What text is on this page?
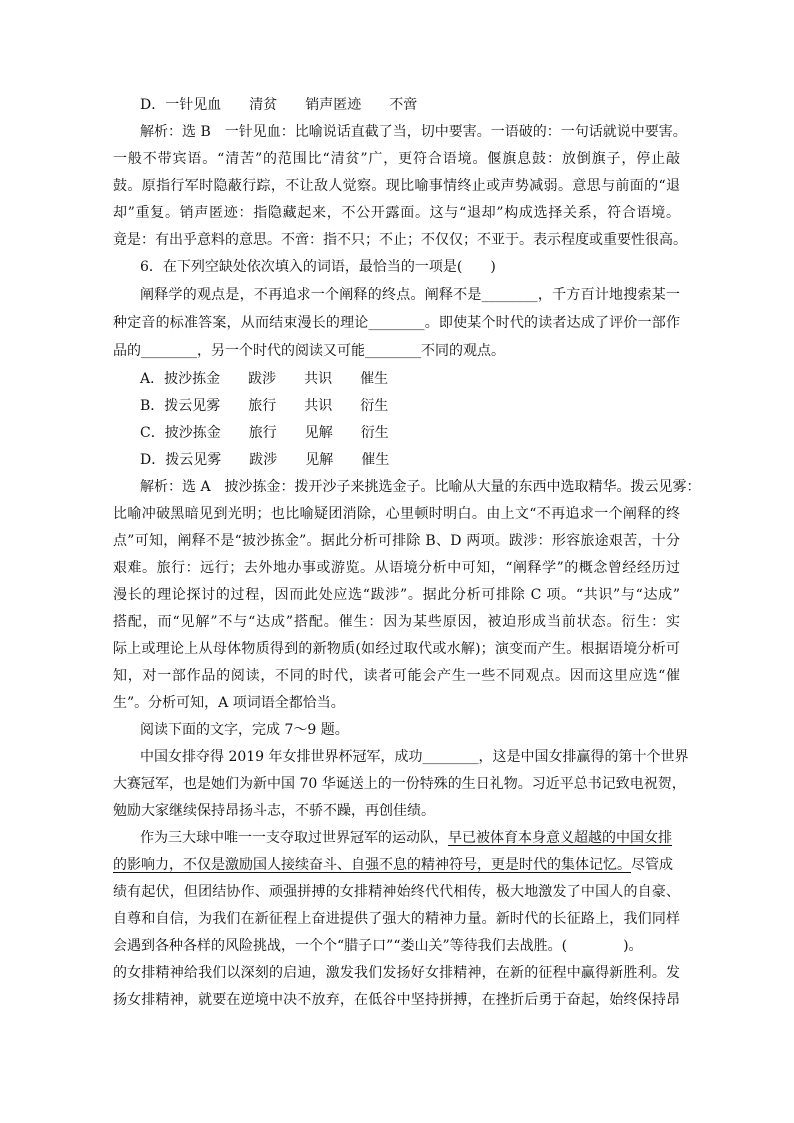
D．一针见血　　清贫　　销声匿迹　　不啻
解析：选 B　一针见血：比喻说话直截了当，切中要害。一语破的：一句话就说中要害。
一般不带宾语。“清苦”的范围比“清贫”广，更符合语境。偃旗息鼓：放倒旗子，停止敲
鼓。原指行军时隐蔽行踪，不让敌人觉察。现比喻事情终止或声势减弱。意思与前面的“退
却”重复。销声匿迹：指隐藏起来，不公开露面。这与“退却”构成选择关系，符合语境。
竟是：有出乎意料的意思。不啻：指不只；不止；不仅仅；不亚于。表示程度或重要性很高。
6．在下列空缺处依次填入的词语，最恰当的一项是(　　)
阐释学的观点是，不再追求一个阐释的终点。阐释不是________，千方百计地搜索某一
种定音的标准答案，从而结束漫长的理论________。即使某个时代的读者达成了评价一部作
品的________，另一个时代的阅读又可能________不同的观点。
A．披沙拣金　　跋涉　　共识　　催生
B．拨云见雾　　旅行　　共识　　衍生
C．披沙拣金　　旅行　　见解　　衍生
D．拨云见雾　　跋涉　　见解　　催生
解析：选 A　披沙拣金：拨开沙子来挑选金子。比喻从大量的东西中选取精华。拨云见雾：
比喻冲破黑暗见到光明；也比喻疑团消除，心里顿时明白。由上文“不再追求一个阐释的终
点”可知，阐释不是“披沙拣金”。据此分析可排除 B、D 两项。跋涉：形容旅途艰苦，十分
艰难。旅行：远行；去外地办事或游览。从语境分析中可知，“阐释学”的概念曾经经历过
漫长的理论探讨的过程，因而此处应选“跋涉”。据此分析可排除 C 项。“共识”与“达成”
搭配，而“见解”不与“达成”搭配。催生：因为某些原因，被迫形成当前状态。衍生：实
际上或理论上从母体物质得到的新物质(如经过取代或水解)；演变而产生。根据语境分析可
知，对一部作品的阅读，不同的时代，读者可能会产生一些不同观点。因而这里应选“催
生”。分析可知，A 项词语全都恰当。
阅读下面的文字，完成 7～9 题。
中国女排夺得 2019 年女排世界杯冠军，成功________，这是中国女排赢得的第十个世界
大赛冠军，也是她们为新中国 70 华诞送上的一份特殊的生日礼物。习近平总书记致电祝贺，
勉励大家继续保持昂扬斗志，不骄不躁，再创佳绩。
作为三大球中唯一一支夺取过世界冠军的运动队，早已被体育本身意义超越的中国女排
的影响力，不仅是激励国人接续奋斗、自强不息的精神符号，更是时代的集体记忆。尽管成
绩有起伏，但团结协作、顽强拼搏的女排精神始终代代相传，极大地激发了中国人的自豪、
自尊和自信，为我们在新征程上奋进提供了强大的精神力量。新时代的长征路上，我们同样
会遇到各种各样的风险挑战，一个个“腊子口”“娄山关”等待我们去战胜。(　　　　)。
的女排精神给我们以深刻的启迪，激发我们发扬好女排精神，在新的征程中赢得新胜利。发
扬女排精神，就要在逆境中决不放弃，在低谷中坚持拼搏，在挫折后勇于奋起，始终保持昂
